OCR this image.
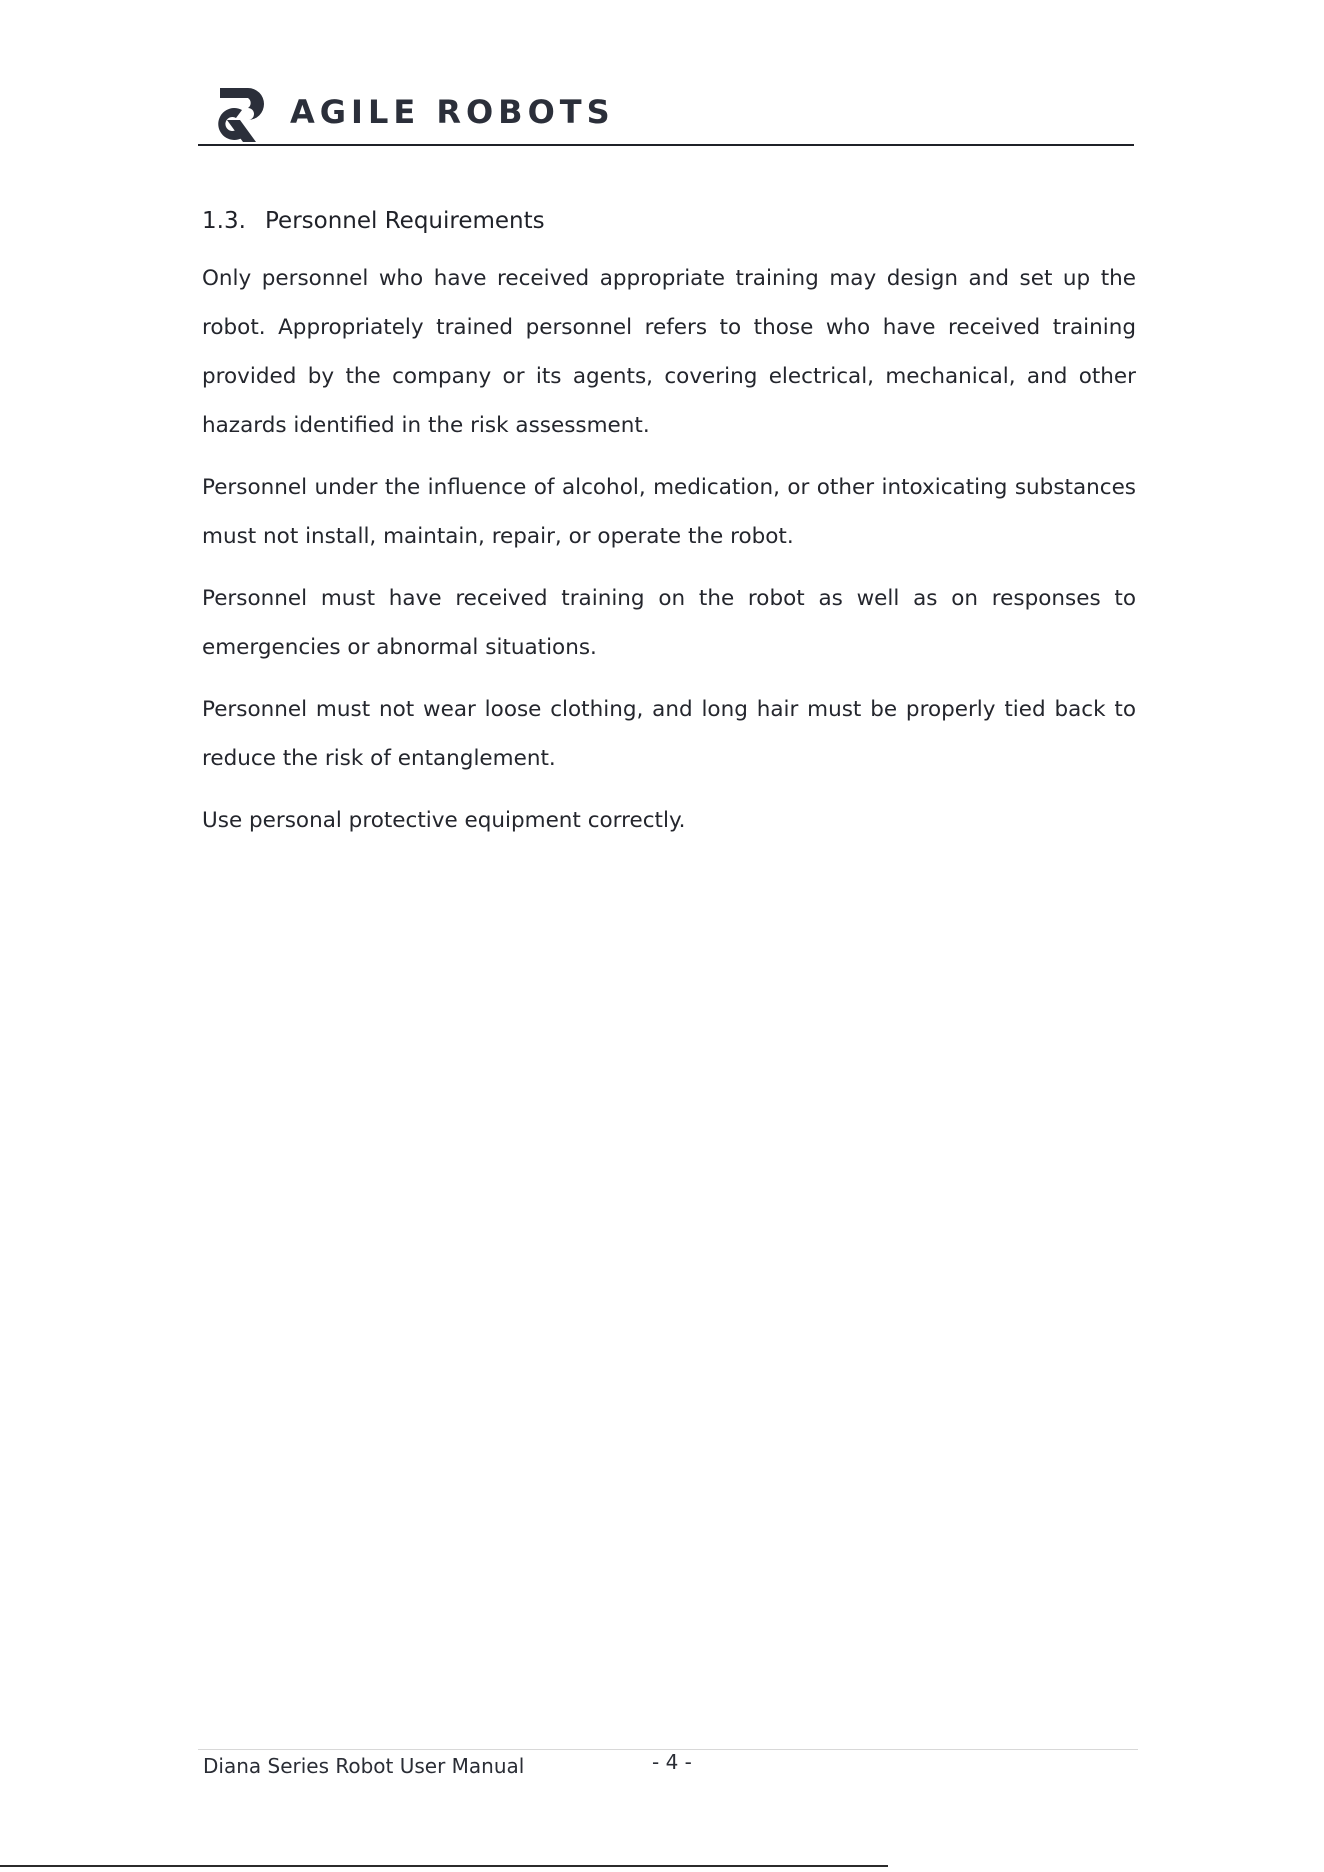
AGILE ROBOTS
1.3. Personnel Requirements

Only personnel who have received appropriate training may design and set up the robot. Appropriately trained personnel refers to those who have received training provided by the company or its agents, covering electrical, mechanical, and other hazards identified in the risk assessment.

Personnel under the influence of alcohol, medication, or other intoxicating substances must not install, maintain, repair, or operate the robot.

Personnel must have received training on the robot as well as on responses to emergencies or abnormal situations.

Personnel must not wear loose clothing, and long hair must be properly tied back to reduce the risk of entanglement.

Use personal protective equipment correctly.

Diana Series Robot User Manual	- 4 -
